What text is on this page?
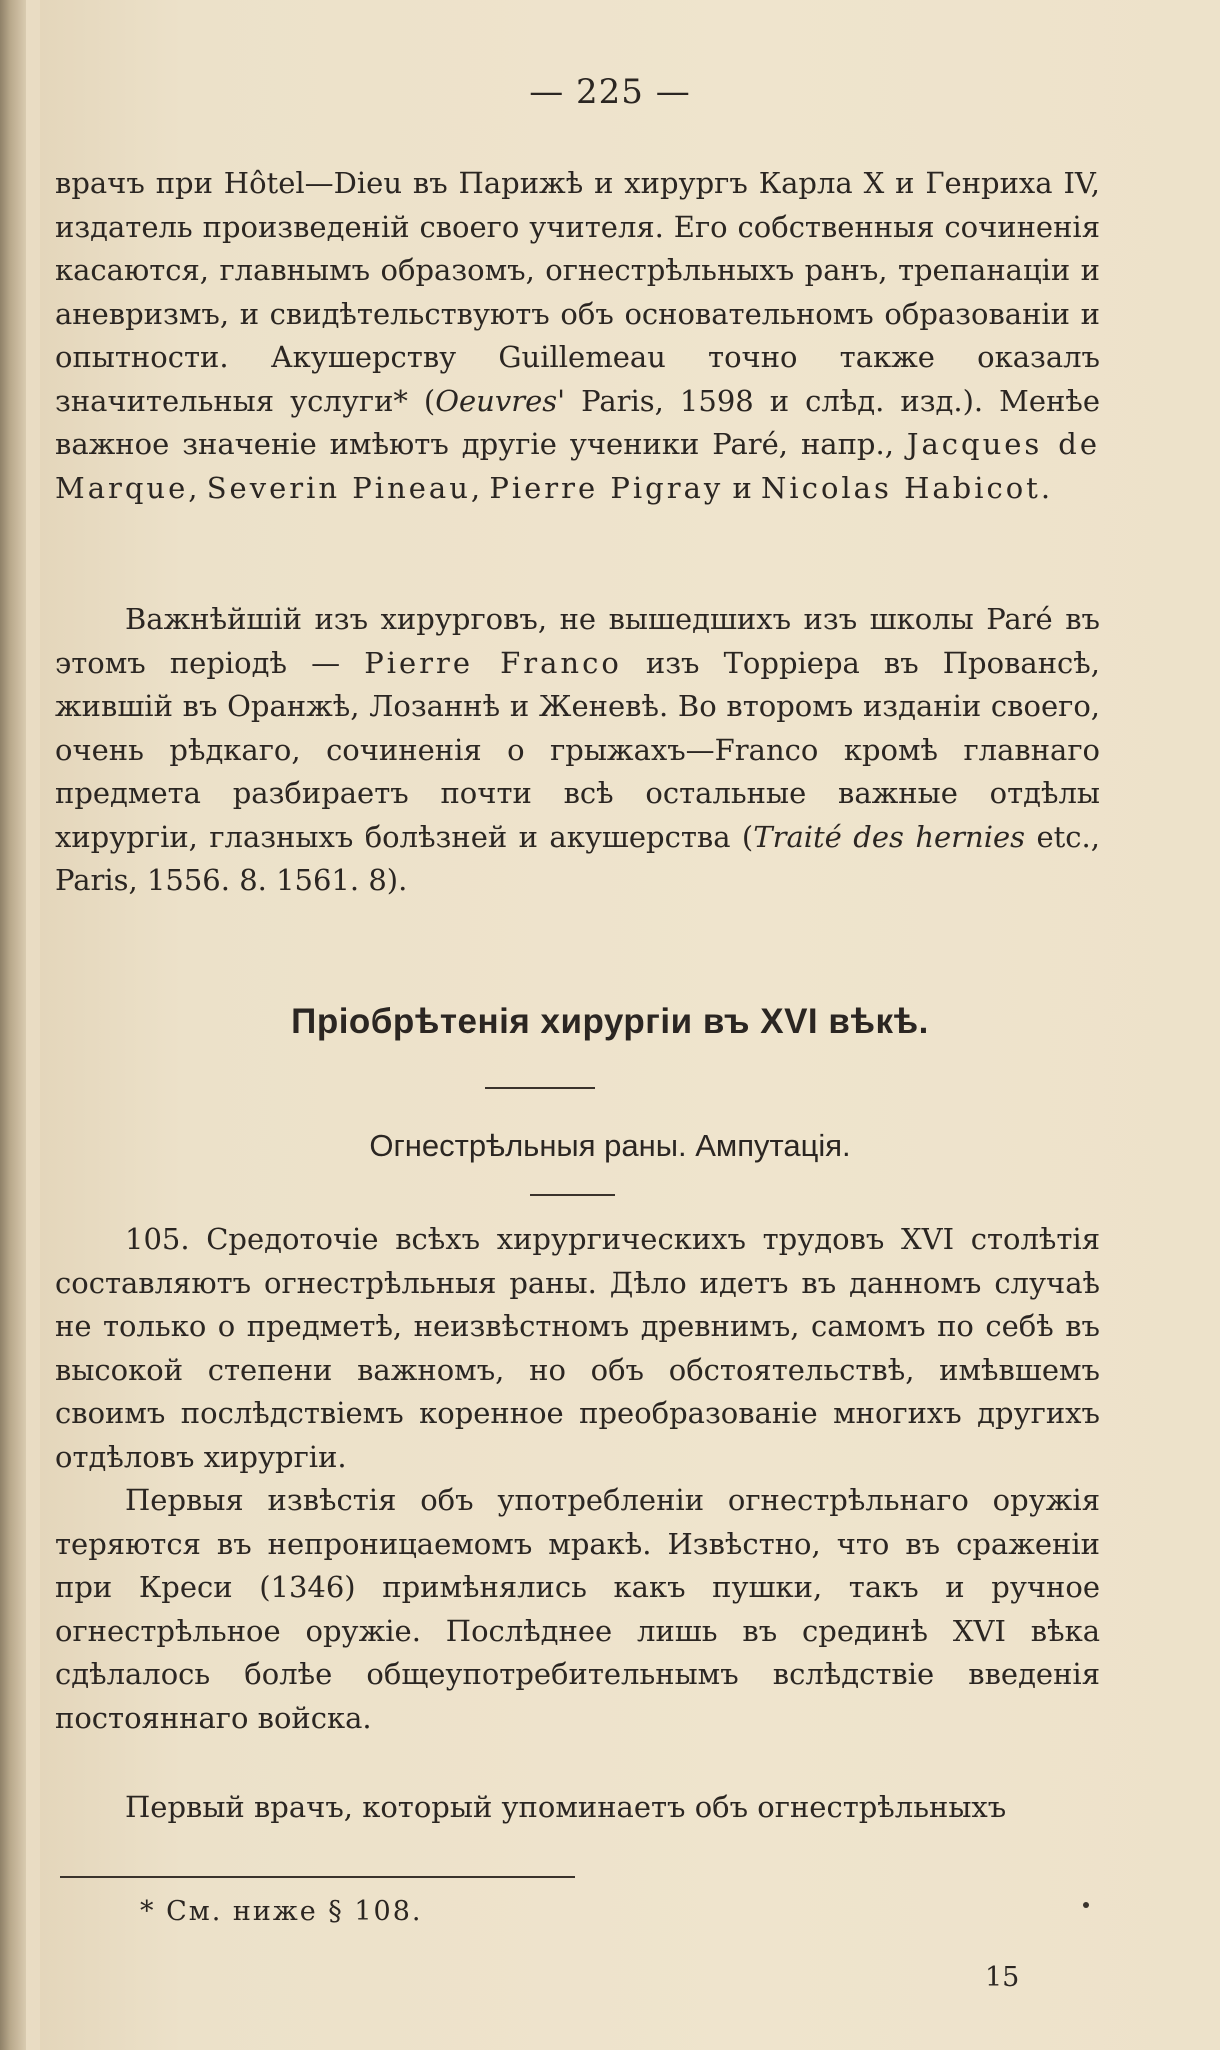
— 225 —
врачъ при Hôtel—Dieu въ Парижѣ и хирургъ Карла X и Генриха IV, издатель произведеній своего учителя. Его собственныя сочиненія касаются, главнымъ образомъ, огнестрѣльныхъ ранъ, трепанаціи и аневризмъ, и свидѣтельствуютъ объ основательномъ образованіи и опытности. Акушерству Guillemeau точно также оказалъ значительныя услуги* (Oeuvres' Paris, 1598 и слѣд. изд.). Менѣе важное значеніе имѣютъ другіе ученики Paré, напр., Jacques de Marque, Severin Pineau, Pierre Pigray и Nicolas Habicot.
Важнѣйшій изъ хирурговъ, не вышедшихъ изъ школы Paré въ этомъ періодѣ — Pierre Franco изъ Торріера въ Провансѣ, жившій въ Оранжѣ, Лозаннѣ и Женевѣ. Во второмъ изданіи своего, очень рѣдкаго, сочиненія о грыжахъ—Franco кромѣ главнаго предмета разбираетъ почти всѣ остальные важные отдѣлы хирургіи, глазныхъ болѣзней и акушерства (Traité des hernies etc., Paris, 1556. 8. 1561. 8).
Пріобрѣтенія хирургіи въ XVI вѣкѣ.
Огнестрѣльныя раны. Ампутація.
105. Средоточіе всѣхъ хирургическихъ трудовъ XVI столѣтія составляютъ огнестрѣльныя раны. Дѣло идетъ въ данномъ случаѣ не только о предметѣ, неизвѣстномъ древнимъ, самомъ по себѣ въ высокой степени важномъ, но объ обстоятельствѣ, имѣвшемъ своимъ послѣдствіемъ коренное преобразованіе многихъ другихъ отдѣловъ хирургіи.
Первыя извѣстія объ употребленіи огнестрѣльнаго оружія теряются въ непроницаемомъ мракѣ. Извѣстно, что въ сраженіи при Креси (1346) примѣнялись какъ пушки, такъ и ручное огнестрѣльное оружіе. Послѣднее лишь въ срединѣ XVI вѣка сдѣлалось болѣе общеупотребительнымъ вслѣдствіе введенія постояннаго войска.
Первый врачъ, который упоминаетъ объ огнестрѣльныхъ
* См. ниже § 108.
15
